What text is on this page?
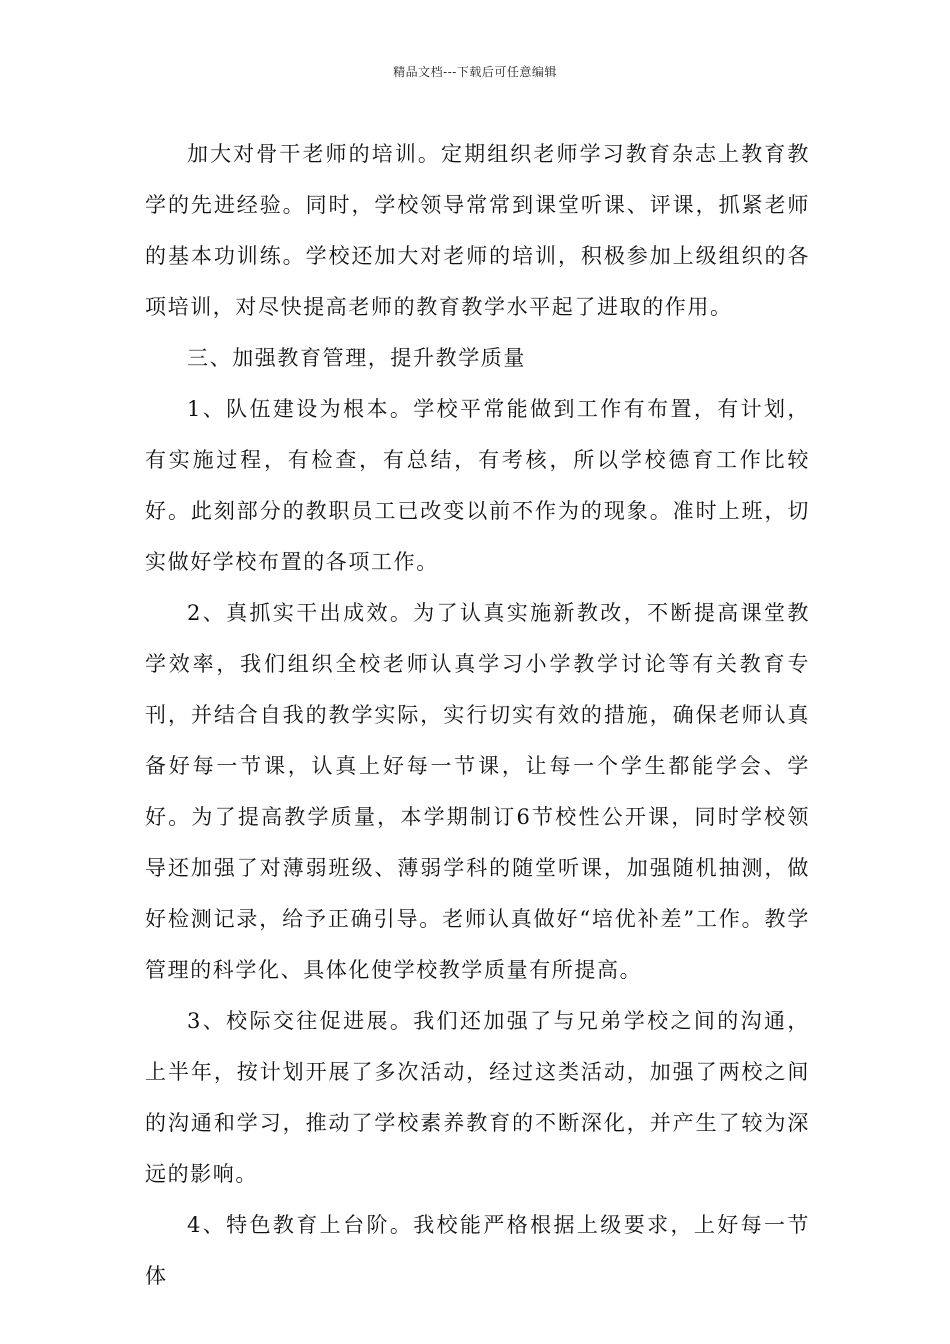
精品文档---下载后可任意编辑

加大对骨干老师的培训。定期组织老师学习教育杂志上教育教学的先进经验。同时，学校领导常常到课堂听课、评课，抓紧老师的基本功训练。学校还加大对老师的培训，积极参加上级组织的各项培训，对尽快提高老师的教育教学水平起了进取的作用。

三、加强教育管理，提升教学质量

1、队伍建设为根本。学校平常能做到工作有布置，有计划，有实施过程，有检查，有总结，有考核，所以学校德育工作比较好。此刻部分的教职员工已改变以前不作为的现象。准时上班，切实做好学校布置的各项工作。

2、真抓实干出成效。为了认真实施新教改，不断提高课堂教学效率，我们组织全校老师认真学习小学教学讨论等有关教育专刊，并结合自我的教学实际，实行切实有效的措施，确保老师认真备好每一节课，认真上好每一节课，让每一个学生都能学会、学好。为了提高教学质量，本学期制订6节校性公开课，同时学校领导还加强了对薄弱班级、薄弱学科的随堂听课，加强随机抽测，做好检测记录，给予正确引导。老师认真做好“培优补差”工作。教学管理的科学化、具体化使学校教学质量有所提高。

3、校际交往促进展。我们还加强了与兄弟学校之间的沟通，上半年，按计划开展了多次活动，经过这类活动，加强了两校之间的沟通和学习，推动了学校素养教育的不断深化，并产生了较为深远的影响。

4、特色教育上台阶。我校能严格根据上级要求，上好每一节体
